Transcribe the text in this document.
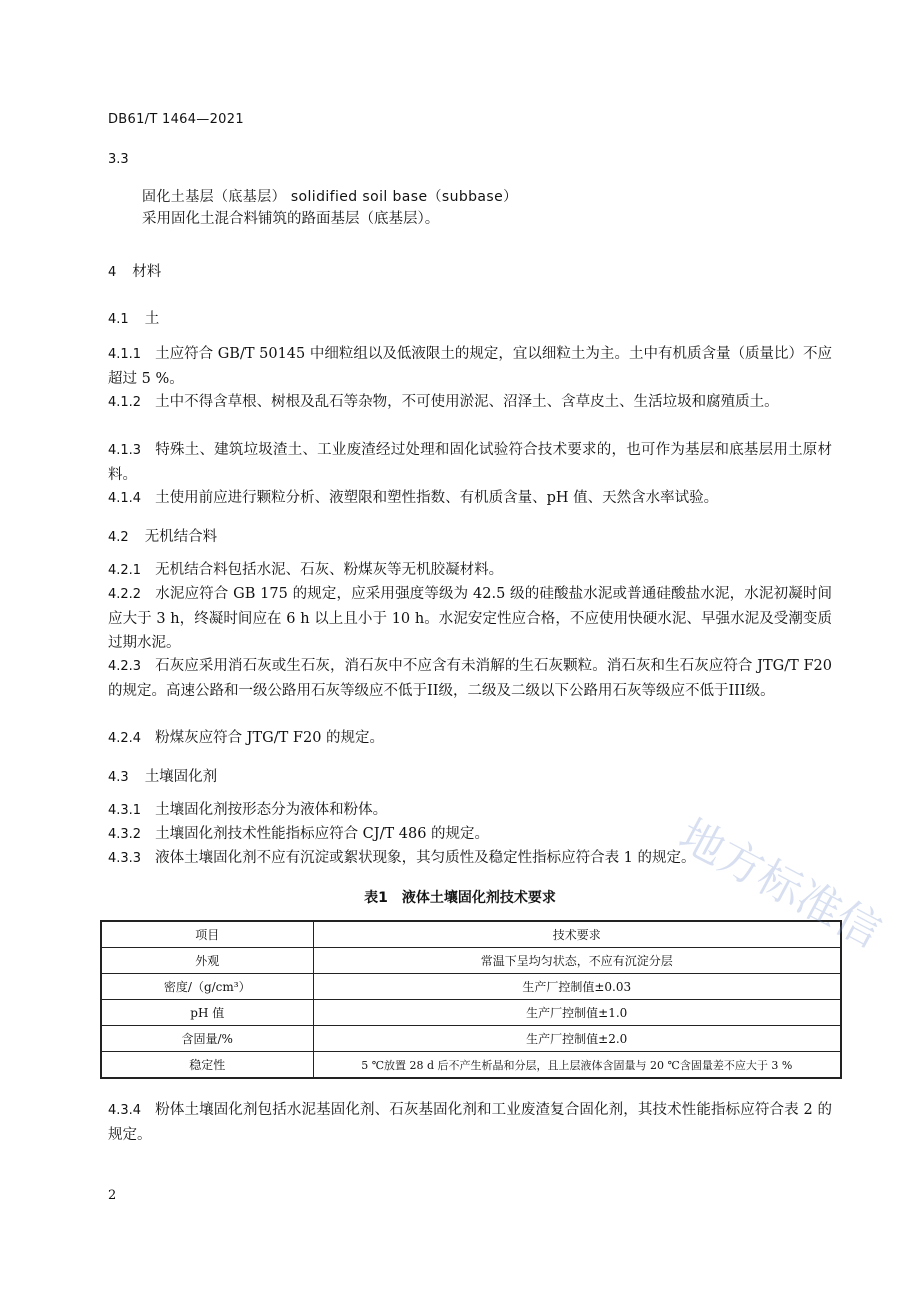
DB61/T 1464—2021
3.3
固化土基层（底基层） solidified soil base（subbase）
采用固化土混合料铺筑的路面基层（底基层）。
4 材料
4.1 土
4.1.1 土应符合 GB/T 50145 中细粒组以及低液限土的规定，宜以细粒土为主。土中有机质含量（质量比）不应超过 5 %。
4.1.2 土中不得含草根、树根及乱石等杂物，不可使用淤泥、沼泽土、含草皮土、生活垃圾和腐殖质土。
4.1.3 特殊土、建筑垃圾渣土、工业废渣经过处理和固化试验符合技术要求的，也可作为基层和底基层用土原材料。
4.1.4 土使用前应进行颗粒分析、液塑限和塑性指数、有机质含量、pH 值、天然含水率试验。
4.2 无机结合料
4.2.1 无机结合料包括水泥、石灰、粉煤灰等无机胶凝材料。
4.2.2 水泥应符合 GB 175 的规定，应采用强度等级为 42.5 级的硅酸盐水泥或普通硅酸盐水泥，水泥初凝时间应大于 3 h，终凝时间应在 6 h 以上且小于 10 h。水泥安定性应合格，不应使用快硬水泥、早强水泥及受潮变质过期水泥。
4.2.3 石灰应采用消石灰或生石灰，消石灰中不应含有未消解的生石灰颗粒。消石灰和生石灰应符合 JTG/T F20 的规定。高速公路和一级公路用石灰等级应不低于II级，二级及二级以下公路用石灰等级应不低于III级。
4.2.4 粉煤灰应符合 JTG/T F20 的规定。
4.3 土壤固化剂
4.3.1 土壤固化剂按形态分为液体和粉体。
4.3.2 土壤固化剂技术性能指标应符合 CJ/T 486 的规定。
4.3.3 液体土壤固化剂不应有沉淀或絮状现象，其匀质性及稳定性指标应符合表 1 的规定。
表1　液体土壤固化剂技术要求
项目	技术要求
外观	常温下呈均匀状态，不应有沉淀分层
密度/（g/cm³）	生产厂控制值±0.03
pH 值	生产厂控制值±1.0
含固量/%	生产厂控制值±2.0
稳定性	5 ℃放置 28 d 后不产生析晶和分层，且上层液体含固量与 20 ℃含固量差不应大于 3 %
4.3.4 粉体土壤固化剂包括水泥基固化剂、石灰基固化剂和工业废渣复合固化剂，其技术性能指标应符合表 2 的规定。
2
地方标准信
